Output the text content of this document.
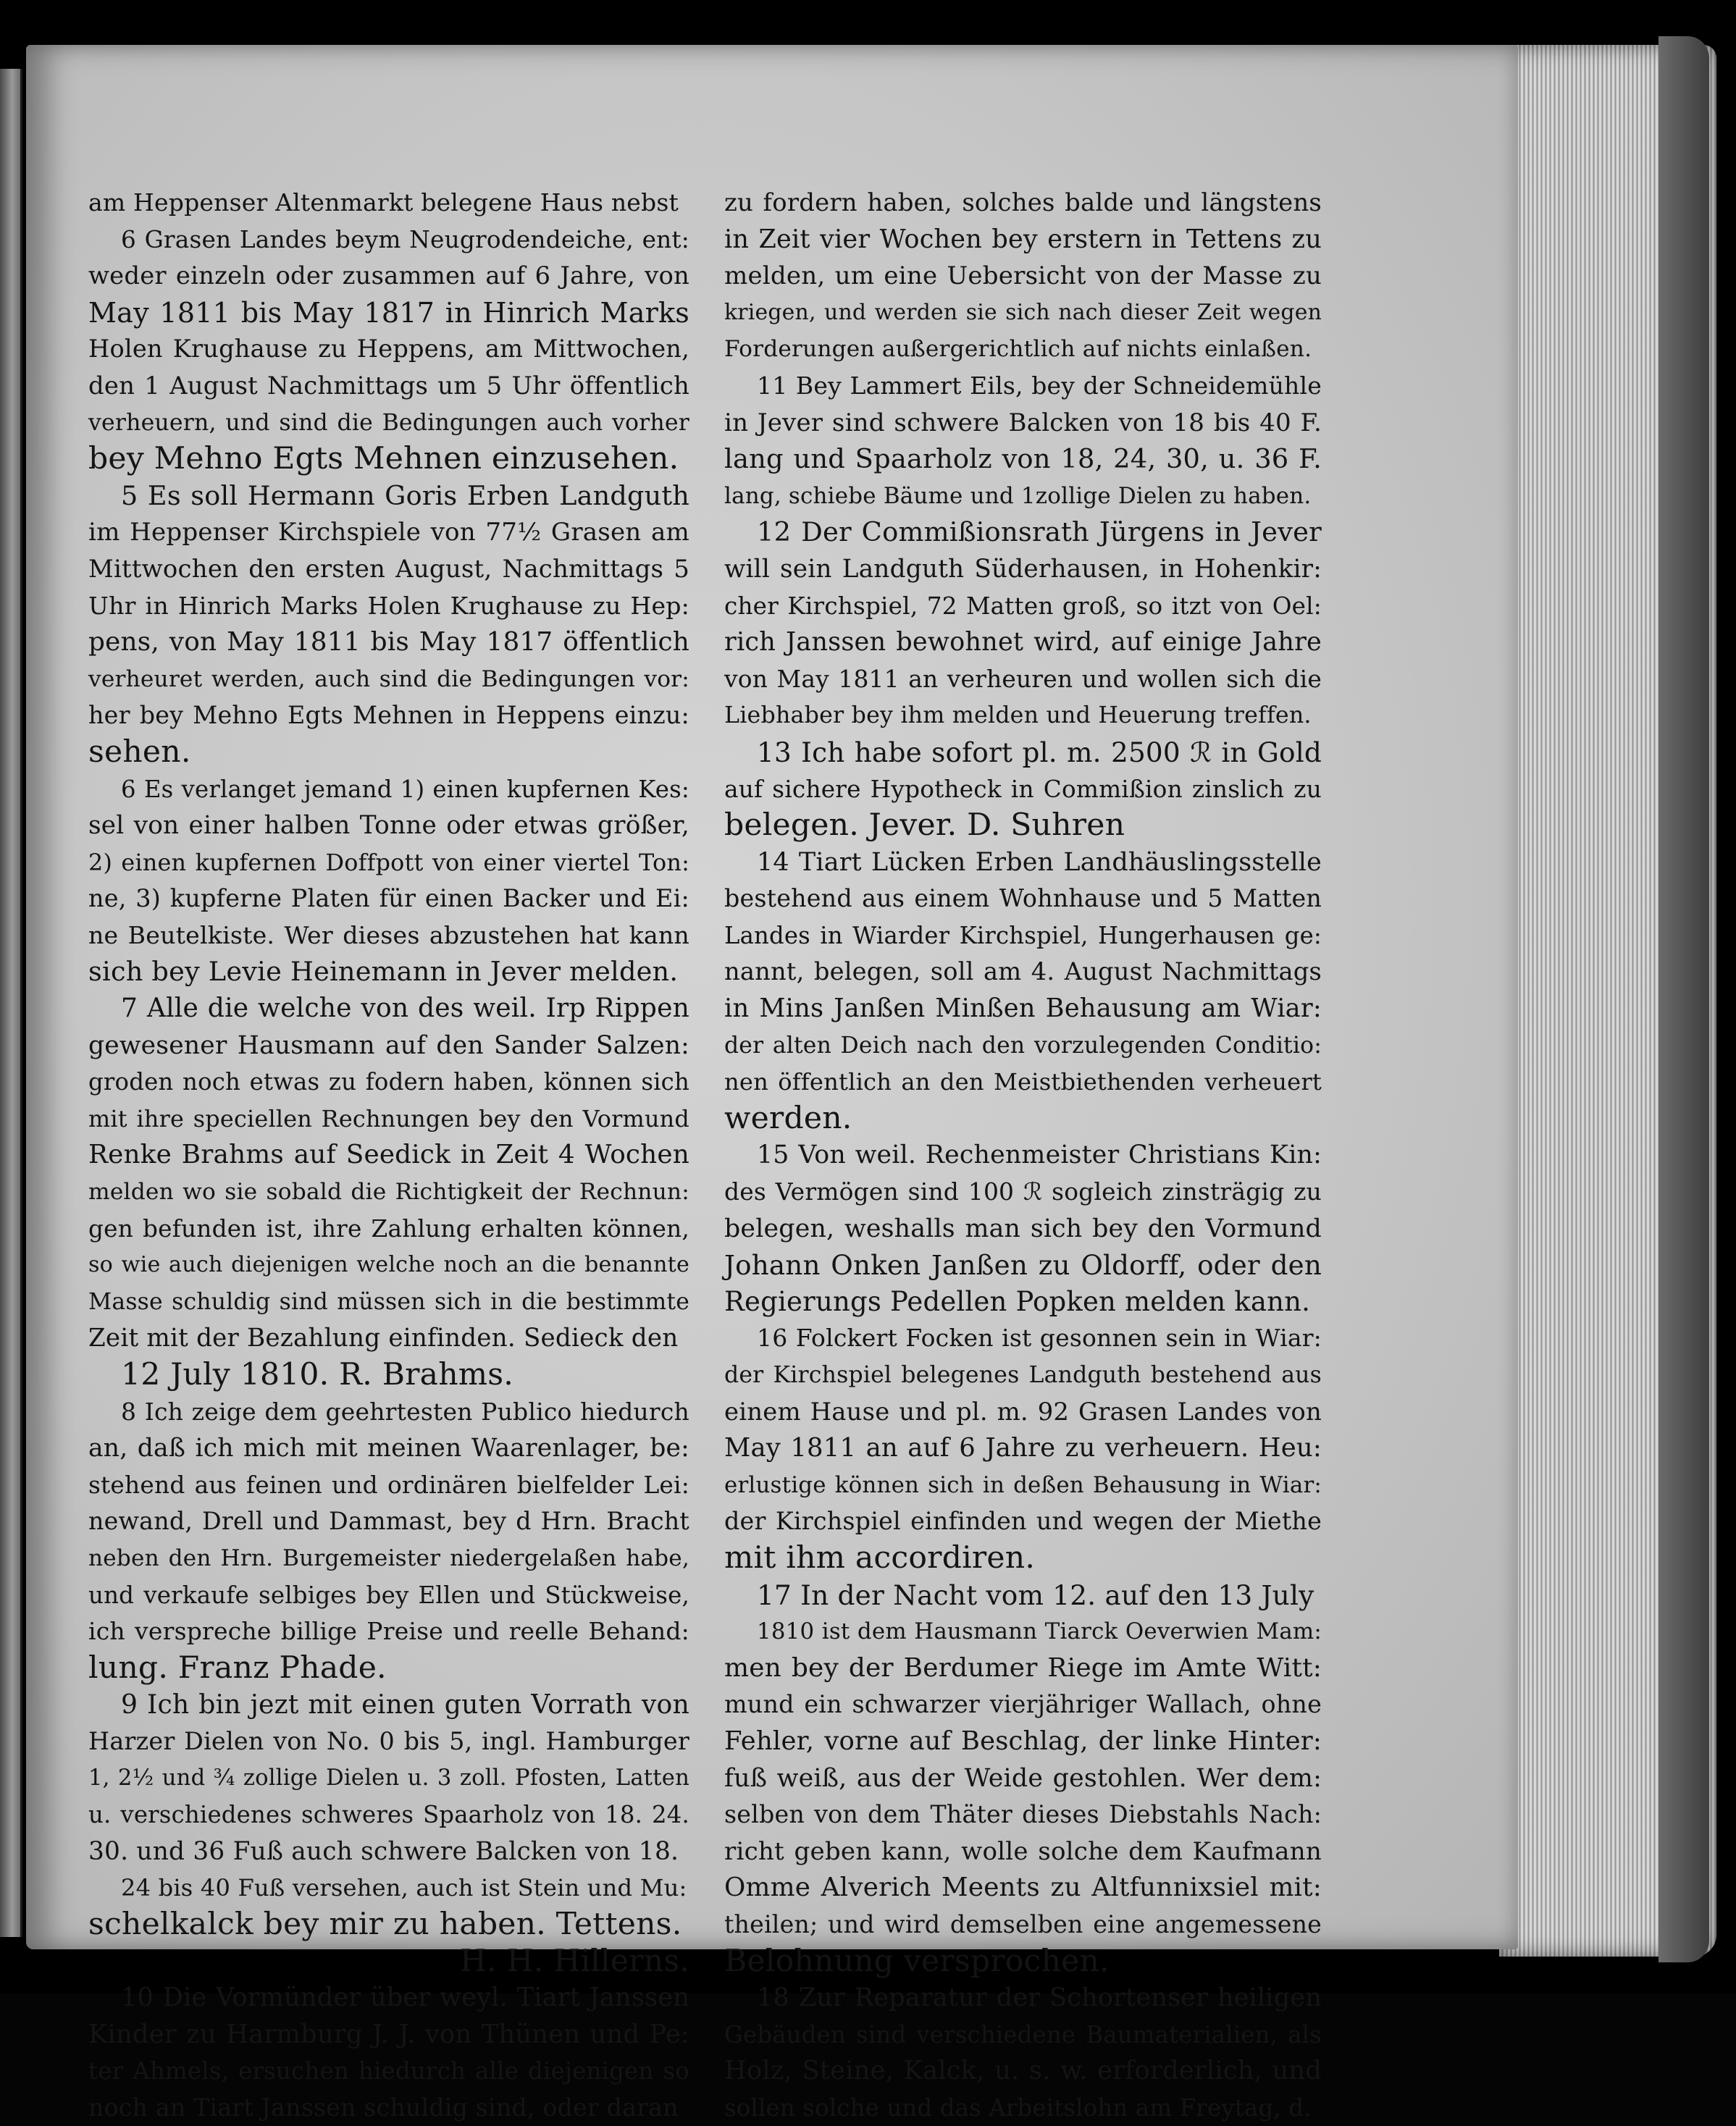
am Heppenser Altenmarkt belegene Haus nebst
6 Grasen Landes beym Neugrodendeiche, ent:
weder einzeln oder zusammen auf 6 Jahre, von
May 1811 bis May 1817 in Hinrich Marks
Holen Krughause zu Heppens, am Mittwochen,
den 1 August Nachmittags um 5 Uhr öffentlich
verheuern, und sind die Bedingungen auch vorher
bey Mehno Egts Mehnen einzusehen.
5 Es soll Hermann Goris Erben Landguth
im Heppenser Kirchspiele von 77½ Grasen am
Mittwochen den ersten August, Nachmittags 5
Uhr in Hinrich Marks Holen Krughause zu Hep:
pens, von May 1811 bis May 1817 öffentlich
verheuret werden, auch sind die Bedingungen vor:
her bey Mehno Egts Mehnen in Heppens einzu:
sehen.
6 Es verlanget jemand 1) einen kupfernen Kes:
sel von einer halben Tonne oder etwas größer,
2) einen kupfernen Doffpott von einer viertel Ton:
ne, 3) kupferne Platen für einen Backer und Ei:
ne Beutelkiste. Wer dieses abzustehen hat kann
sich bey Levie Heinemann in Jever melden.
7 Alle die welche von des weil. Irp Rippen
gewesener Hausmann auf den Sander Salzen:
groden noch etwas zu fodern haben, können sich
mit ihre speciellen Rechnungen bey den Vormund
Renke Brahms auf Seedick in Zeit 4 Wochen
melden wo sie sobald die Richtigkeit der Rechnun:
gen befunden ist, ihre Zahlung erhalten können,
so wie auch diejenigen welche noch an die benannte
Masse schuldig sind müssen sich in die bestimmte
Zeit mit der Bezahlung einfinden. Sedieck den
12 July 1810. R. Brahms.
8 Ich zeige dem geehrtesten Publico hiedurch
an, daß ich mich mit meinen Waarenlager, be:
stehend aus feinen und ordinären bielfelder Lei:
newand, Drell und Dammast, bey d Hrn. Bracht
neben den Hrn. Burgemeister niedergelaßen habe,
und verkaufe selbiges bey Ellen und Stückweise,
ich verspreche billige Preise und reelle Behand:
lung. Franz Phade.
9 Ich bin jezt mit einen guten Vorrath von
Harzer Dielen von No. 0 bis 5, ingl. Hamburger
1, 2½ und ¾ zollige Dielen u. 3 zoll. Pfosten, Latten
u. verschiedenes schweres Spaarholz von 18. 24.
30. und 36 Fuß auch schwere Balcken von 18.
24 bis 40 Fuß versehen, auch ist Stein und Mu:
schelkalck bey mir zu haben. Tettens.
H. H. Hillerns.
10 Die Vormünder über weyl. Tiart Janssen
Kinder zu Harmburg J. J. von Thünen und Pe:
ter Ahmels, ersuchen hiedurch alle diejenigen so
noch an Tiart Janssen schuldig sind, oder daran
zu fordern haben, solches balde und längstens
in Zeit vier Wochen bey erstern in Tettens zu
melden, um eine Uebersicht von der Masse zu
kriegen, und werden sie sich nach dieser Zeit wegen
Forderungen außergerichtlich auf nichts einlaßen.
11 Bey Lammert Eils, bey der Schneidemühle
in Jever sind schwere Balcken von 18 bis 40 F.
lang und Spaarholz von 18, 24, 30, u. 36 F.
lang, schiebe Bäume und 1zollige Dielen zu haben.
12 Der Commißionsrath Jürgens in Jever
will sein Landguth Süderhausen, in Hohenkir:
cher Kirchspiel, 72 Matten groß, so itzt von Oel:
rich Janssen bewohnet wird, auf einige Jahre
von May 1811 an verheuren und wollen sich die
Liebhaber bey ihm melden und Heuerung treffen.
13 Ich habe sofort pl. m. 2500 ℛ in Gold
auf sichere Hypotheck in Commißion zinslich zu
belegen. Jever. D. Suhren
14 Tiart Lücken Erben Landhäuslingsstelle
bestehend aus einem Wohnhause und 5 Matten
Landes in Wiarder Kirchspiel, Hungerhausen ge:
nannt, belegen, soll am 4. August Nachmittags
in Mins Janßen Minßen Behausung am Wiar:
der alten Deich nach den vorzulegenden Conditio:
nen öffentlich an den Meistbiethenden verheuert
werden.
15 Von weil. Rechenmeister Christians Kin:
des Vermögen sind 100 ℛ sogleich zinsträgig zu
belegen, weshalls man sich bey den Vormund
Johann Onken Janßen zu Oldorff, oder den
Regierungs Pedellen Popken melden kann.
16 Folckert Focken ist gesonnen sein in Wiar:
der Kirchspiel belegenes Landguth bestehend aus
einem Hause und pl. m. 92 Grasen Landes von
May 1811 an auf 6 Jahre zu verheuern. Heu:
erlustige können sich in deßen Behausung in Wiar:
der Kirchspiel einfinden und wegen der Miethe
mit ihm accordiren.
17 In der Nacht vom 12. auf den 13 July
1810 ist dem Hausmann Tiarck Oeverwien Mam:
men bey der Berdumer Riege im Amte Witt:
mund ein schwarzer vierjähriger Wallach, ohne
Fehler, vorne auf Beschlag, der linke Hinter:
fuß weiß, aus der Weide gestohlen. Wer dem:
selben von dem Thäter dieses Diebstahls Nach:
richt geben kann, wolle solche dem Kaufmann
Omme Alverich Meents zu Altfunnixsiel mit:
theilen; und wird demselben eine angemessene
Belohnung versprochen.
18 Zur Reparatur der Schortenser heiligen
Gebäuden sind verschiedene Baumaterialien, als
Holz, Steine, Kalck, u. s. w. erforderlich, und
sollen solche und das Arbeitslohn am Freytag, d.
